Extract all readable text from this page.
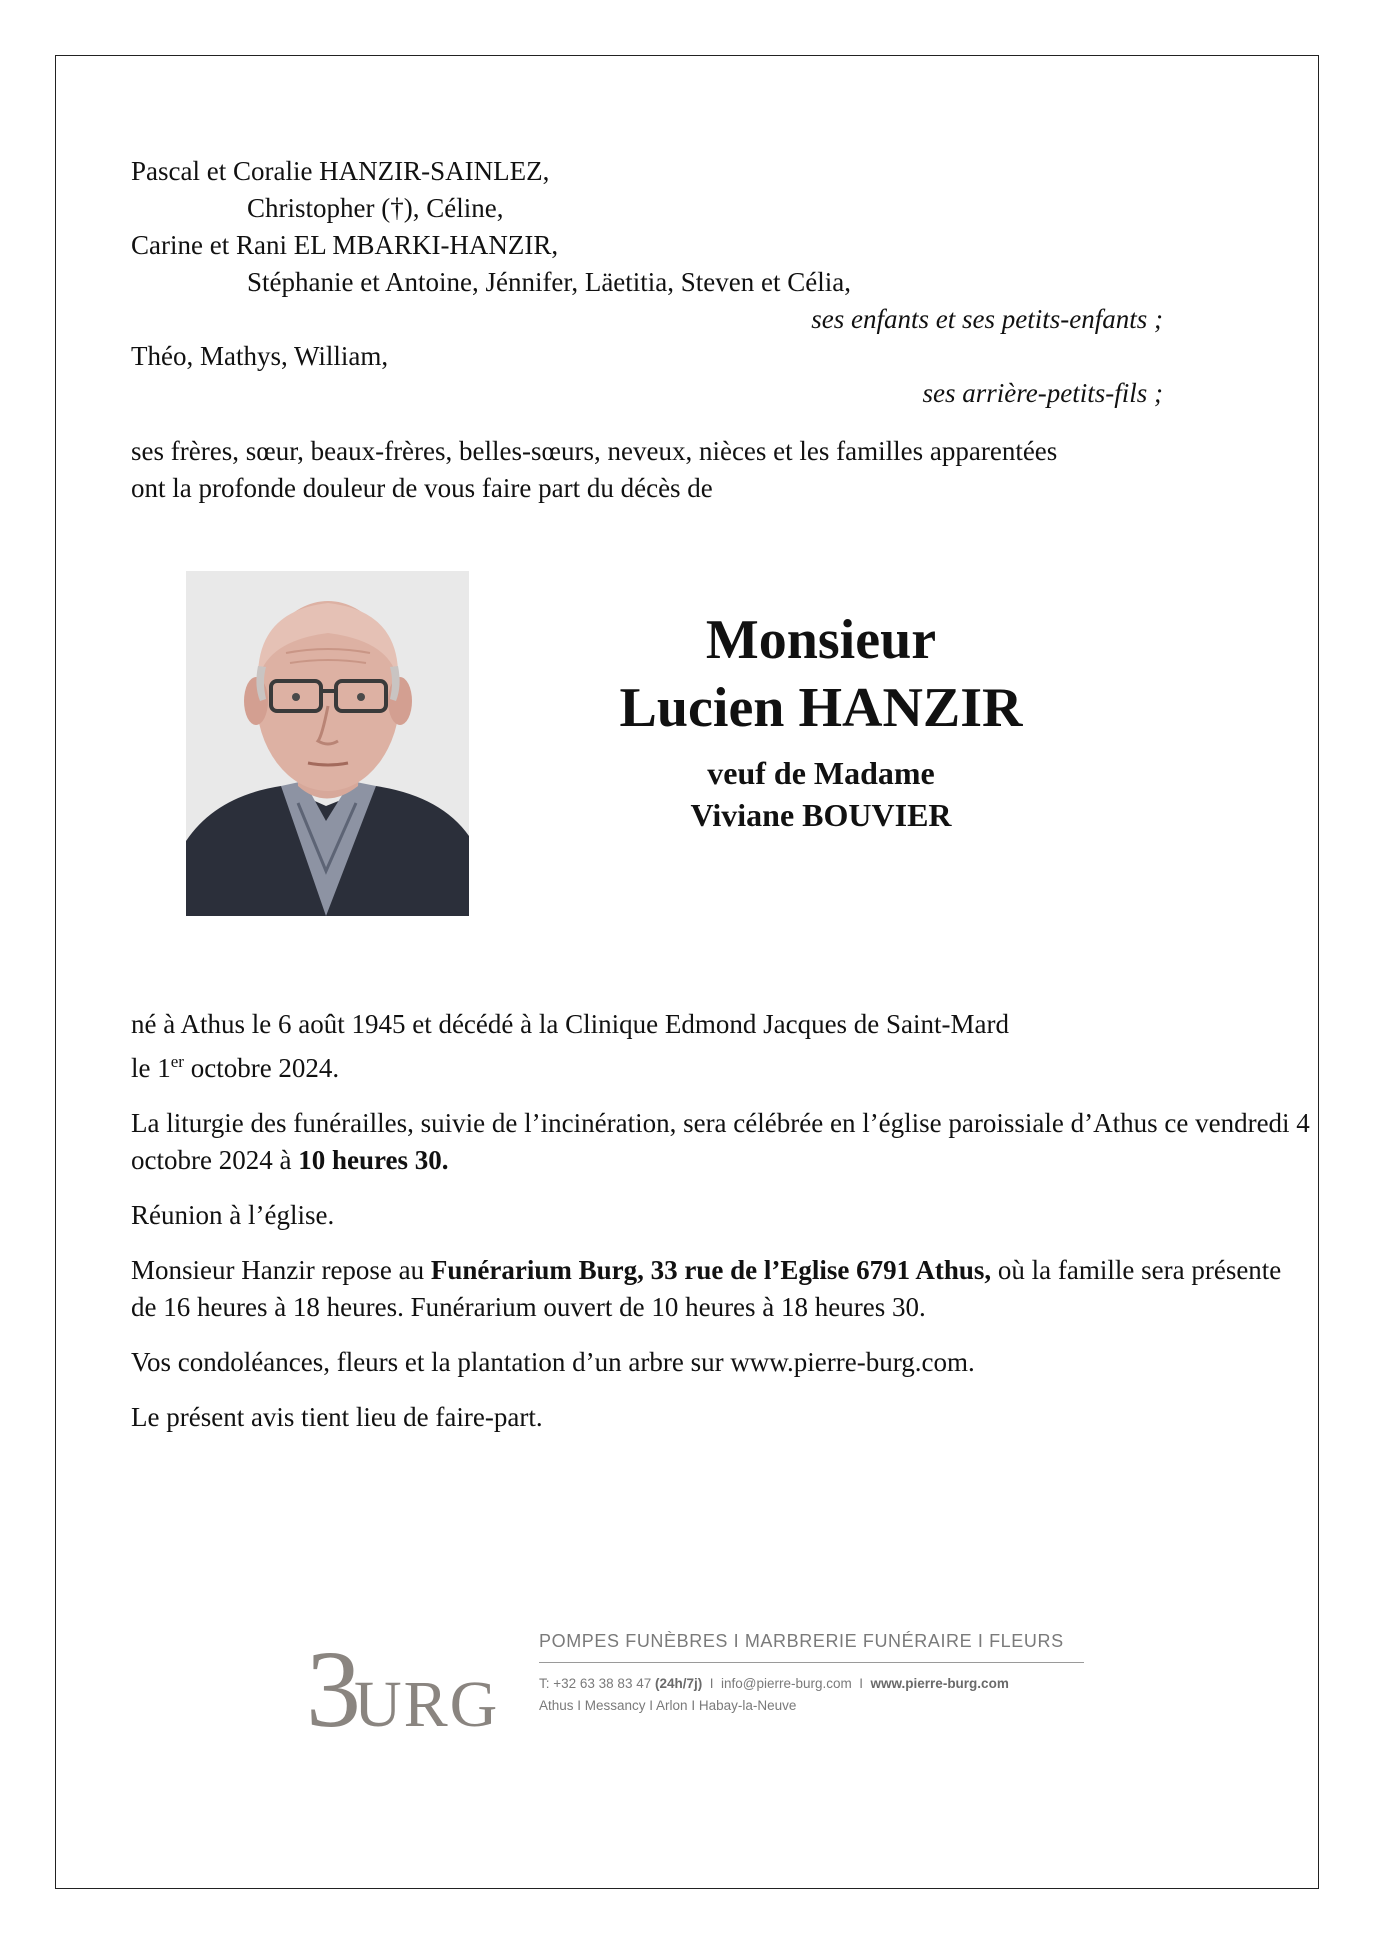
Pascal et Coralie HANZIR-SAINLEZ,
Christopher (†), Céline,
Carine et Rani EL MBARKI-HANZIR,
Stéphanie et Antoine, Jénnifer, Läetitia, Steven et Célia,
ses enfants et ses petits-enfants ;
Théo, Mathys, William,
ses arrière-petits-fils ;
ses frères, sœur, beaux-frères, belles-sœurs, neveux, nièces et les familles apparentées
ont la profonde douleur de vous faire part du décès de
Monsieur
Lucien HANZIR
veuf de Madame
Viviane BOUVIER

né à Athus le 6 août 1945 et décédé à la Clinique Edmond Jacques de Saint-Mard
le 1er octobre 2024.

La liturgie des funérailles, suivie de l’incinération, sera célébrée en l’église paroissiale d’Athus ce vendredi 4 octobre 2024 à 10 heures 30.

Réunion à l’église.

Monsieur Hanzir repose au Funérarium Burg, 33 rue de l’Eglise 6791 Athus, où la famille sera présente de 16 heures à 18 heures. Funérarium ouvert de 10 heures à 18 heures 30.

Vos condoléances, fleurs et la plantation d’un arbre sur www.pierre-burg.com.

Le présent avis tient lieu de faire-part.

3
URG
POMPES FUNÈBRES I MARBRERIE FUNÉRAIRE I FLEURS
T: +32 63 38 83 47 (24h/7j)  I  info@pierre-burg.com  I  www.pierre-burg.com
Athus I Messancy I Arlon I Habay-la-Neuve
